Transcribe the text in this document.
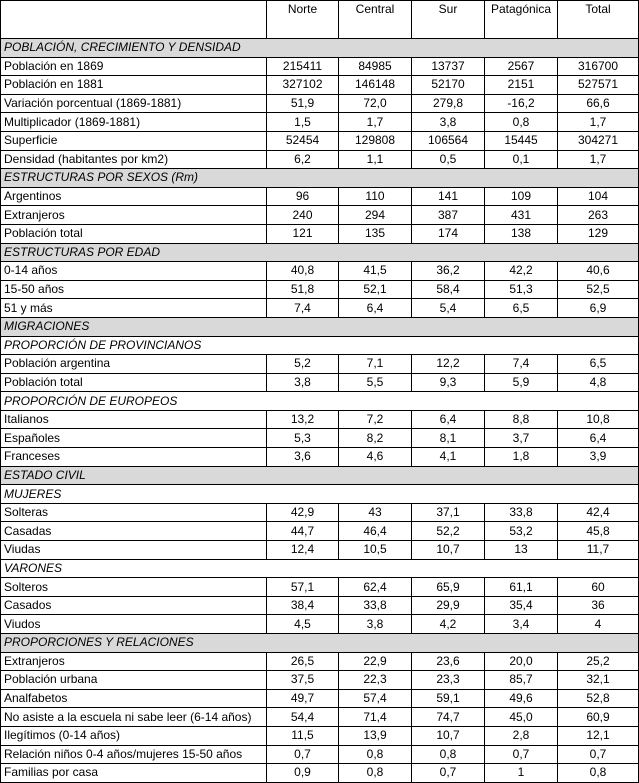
	Norte	Central	Sur	Patagónica	Total
POBLACIÓN, CRECIMIENTO Y DENSIDAD					
Población en 1869	215411	84985	13737	2567	316700
Población en 1881	327102	146148	52170	2151	527571
Variación porcentual (1869-1881)	51,9	72,0	279,8	-16,2	66,6
Multiplicador (1869-1881)	1,5	1,7	3,8	0,8	1,7
Superficie	52454	129808	106564	15445	304271
Densidad (habitantes por km2)	6,2	1,1	0,5	0,1	1,7
ESTRUCTURAS POR SEXOS (Rm)					
Argentinos	96	110	141	109	104
Extranjeros	240	294	387	431	263
Población total	121	135	174	138	129
ESTRUCTURAS POR EDAD					
0-14 años	40,8	41,5	36,2	42,2	40,6
15-50 años	51,8	52,1	58,4	51,3	52,5
51 y más	7,4	6,4	5,4	6,5	6,9
MIGRACIONES					
PROPORCIÓN DE PROVINCIANOS					
Población argentina	5,2	7,1	12,2	7,4	6,5
Población total	3,8	5,5	9,3	5,9	4,8
PROPORCIÓN DE EUROPEOS					
Italianos	13,2	7,2	6,4	8,8	10,8
Españoles	5,3	8,2	8,1	3,7	6,4
Franceses	3,6	4,6	4,1	1,8	3,9
ESTADO CIVIL					
MUJERES					
Solteras	42,9	43	37,1	33,8	42,4
Casadas	44,7	46,4	52,2	53,2	45,8
Viudas	12,4	10,5	10,7	13	11,7
VARONES					
Solteros	57,1	62,4	65,9	61,1	60
Casados	38,4	33,8	29,9	35,4	36
Viudos	4,5	3,8	4,2	3,4	4
PROPORCIONES Y RELACIONES					
Extranjeros	26,5	22,9	23,6	20,0	25,2
Población urbana	37,5	22,3	23,3	85,7	32,1
Analfabetos	49,7	57,4	59,1	49,6	52,8
No asiste a la escuela ni sabe leer (6-14 años)	54,4	71,4	74,7	45,0	60,9
Ilegítimos (0-14 años)	11,5	13,9	10,7	2,8	12,1
Relación niños 0-4 años/mujeres 15-50 años	0,7	0,8	0,8	0,7	0,7
Familias por casa	0,9	0,8	0,7	1	0,8
